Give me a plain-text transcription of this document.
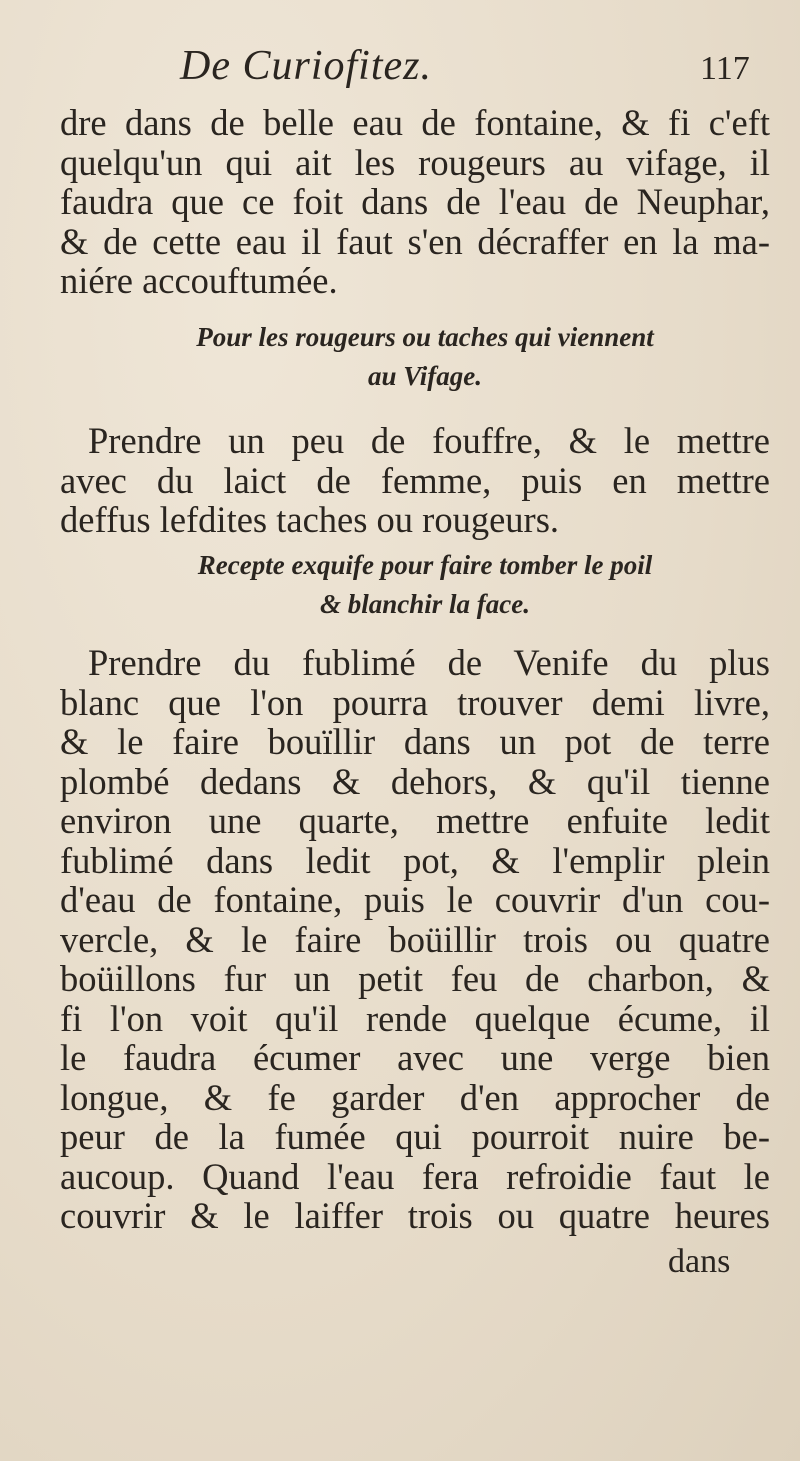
De Curiofitez.	117
dre dans de belle eau de fontaine, & fi c'eft
quelqu'un qui ait les rougeurs au vifage, il
faudra que ce foit dans de l'eau de Neuphar,
& de cette eau il faut s'en décraffer en la ma-
niére accouftumée.
Pour les rougeurs ou taches qui viennent
au Vifage.
Prendre un peu de fouffre, & le mettre
avec du laict de femme, puis en mettre
deffus lefdites taches ou rougeurs.
Recepte exquife pour faire tomber le poil
& blanchir la face.
Prendre du fublimé de Venife du plus
blanc que l'on pourra trouver demi livre,
& le faire bouïllir dans un pot de terre
plombé dedans & dehors, & qu'il tienne
environ une quarte, mettre enfuite ledit
fublimé dans ledit pot, & l'emplir plein
d'eau de fontaine, puis le couvrir d'un cou-
vercle, & le faire boüillir trois ou quatre
boüillons fur un petit feu de charbon, &
fi l'on voit qu'il rende quelque écume, il
le faudra écumer avec une verge bien
longue, & fe garder d'en approcher de
peur de la fumée qui pourroit nuire be-
aucoup. Quand l'eau fera refroidie faut le
couvrir & le laiffer trois ou quatre heures
dans
